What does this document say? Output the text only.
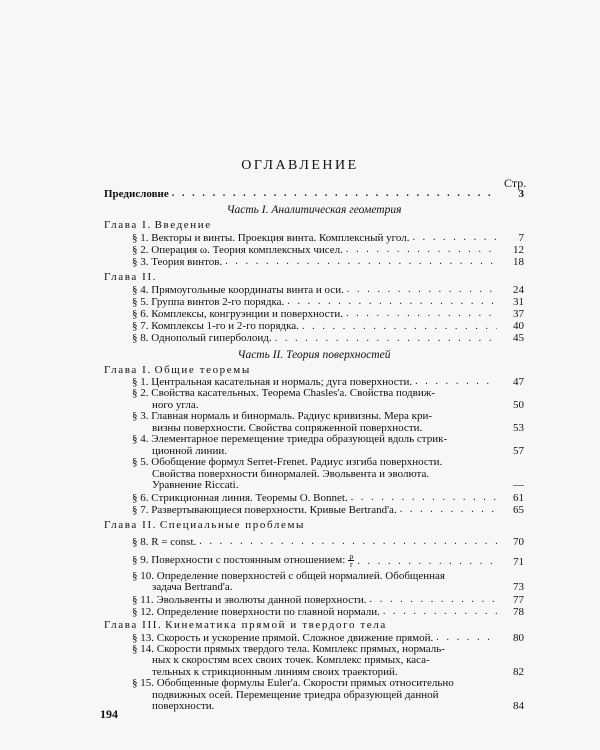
ОГЛАВЛЕНИЕ
Стр.
Предисловие . . .	3
Часть I. Аналитическая геометрия
Глава I. Введение
§ 1. Векторы и винты. Проекция винта. Комплексный угол. . . .	7
§ 2. Операция ω. Теория комплексных чисел. . . .	12
§ 3. Теория винтов. . . .	18
Глава II.
§ 4. Прямоугольные координаты винта и оси. . . .	24
§ 5. Группа винтов 2-го порядка. . . .	31
§ 6. Комплексы, конгруэнции и поверхности. . . .	37
§ 7. Комплексы 1-го и 2-го порядка. . . .	40
§ 8. Однополый гиперболоид. . . .	45
Часть II. Теория поверхностей
Глава I. Общие теоремы
§ 1. Центральная касательная и нормаль; дуга поверхности. . . .	47
§ 2. Свойства касательных. Теорема Chasles'a. Свойства подвиж-
ного угла.	50
§ 3. Главная нормаль и бинормаль. Радиус кривизны. Мера кри-
визны поверхности. Свойства сопряженной поверхности.	53
§ 4. Элементарное перемещение триедра образующей вдоль стрик-
ционной линии.	57
§ 5. Обобщение формул Serret-Frenet. Радиус изгиба поверхности.
Свойства поверхности бинормалей. Эвольвента и эволюта.
Уравнение Riccati.	—
§ 6. Стрикционная линия. Теоремы O. Bonnet. . . .	61
§ 7. Развертывающиеся поверхности. Кривые Bertrand'a. . . .	65
Глава II. Специальные проблемы
§ 8. R = const. . . .	70
§ 9. Поверхности с постоянным отношением: $\frac{\rho}{r}$ . . .	71
§ 10. Определение поверхностей с общей нормалией. Обобщенная
задача Bertrand'a.	73
§ 11. Эвольвенты и эволюты данной поверхности. . . .	77
§ 12. Определение поверхности по главной нормали. . . .	78
Глава III. Кинематика прямой и твердого тела
§ 13. Скорость и ускорение прямой. Сложное движение прямой. . . .	80
§ 14. Скорости прямых твердого тела. Комплекс прямых, нормаль-
ных к скоростям всех своих точек. Комплекс прямых, каса-
тельных к стрикционным линиям своих траекторий.	82
§ 15. Обобщенные формулы Euler'a. Скорости прямых относительно
подвижных осей. Перемещение триедра образующей данной
поверхности.	84
194
